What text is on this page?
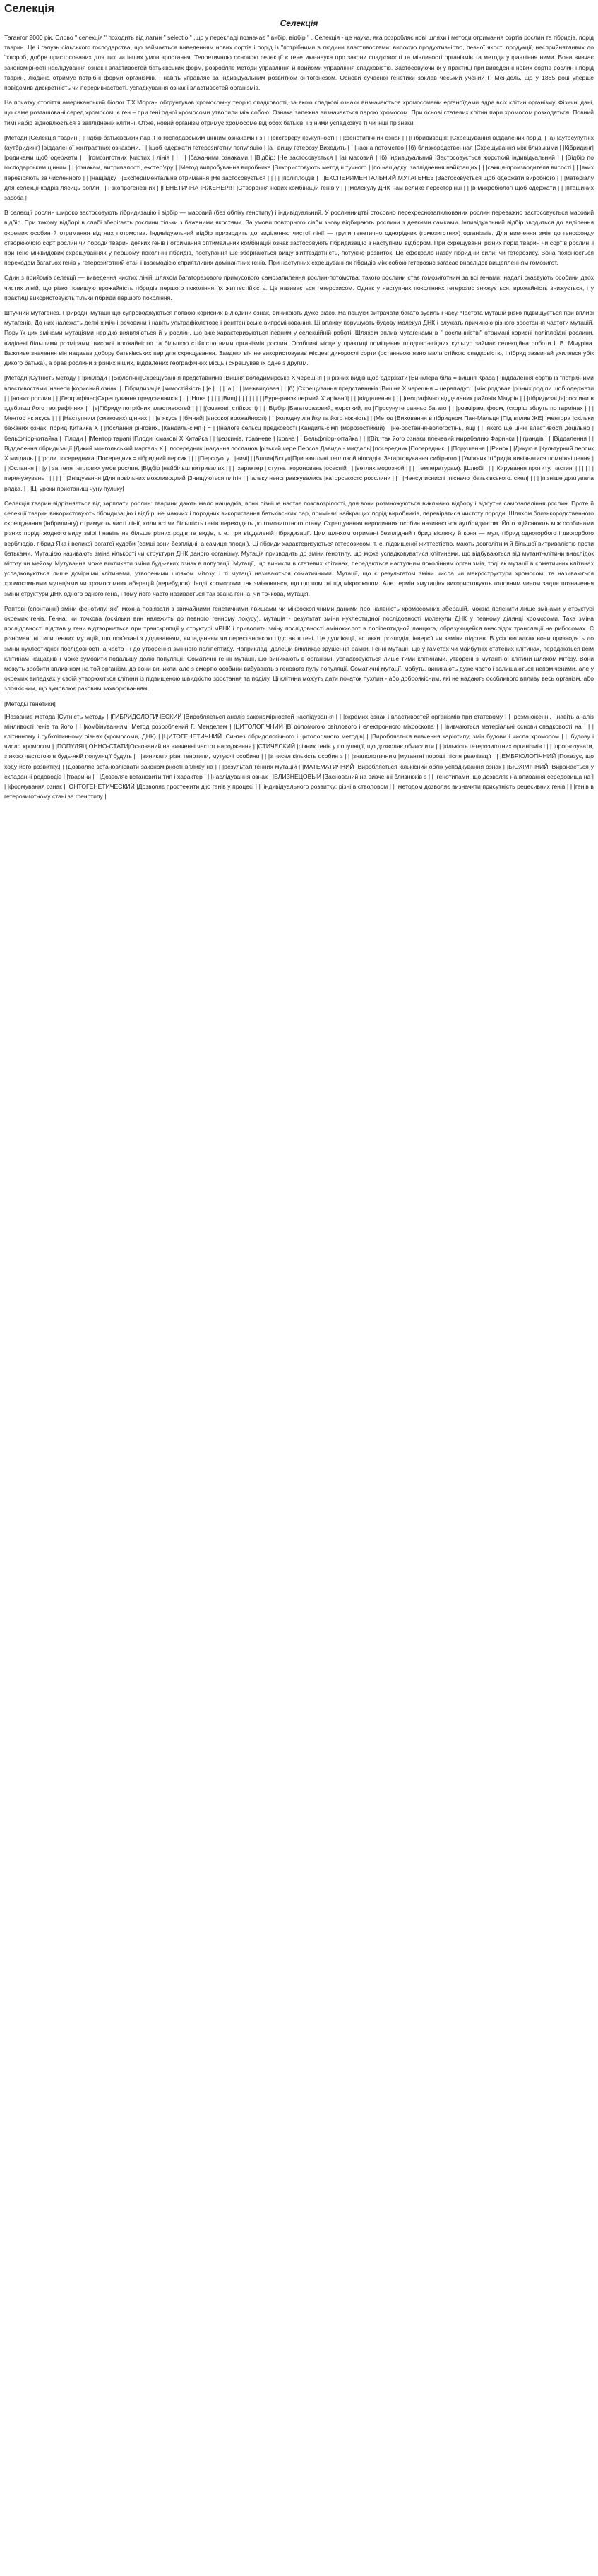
Селекція
Селекція

Тагангог 2000 рік. Слово " селекція " походить від латин " selectio " ,що у перекладі позначає " вибір, відбір " . Селекція - це наука, яка розробляє нові шляхи і методи отримання сортів рослин та гібридів, порід тварин. Це і галузь сільського господарства, що займається виведенням нових сортів і порід із "потрібними в людини властивостями: високою продуктивністю, певної якості продукції, несприйнятливих до "хвороб, добре пристосованих для тих чи інших умов зростання. Теоретичною основою селекції є генетика-наука про закони спадковості та мінливості організмів та методи управління ними. Вона вивчає закономірності наслідування ознак і властивостей батьківських форм, розробляє методи управління й прийоми управління спадковістю. Застосовуючи їх у практиці при виведенні нових сортів рослин і порід тварин, людина отримує потрібні форми організмів, і навіть управляє за індивідуальним розвитком онтогенезом. Основи сучасної генетики заклав чеський учений Г. Мендель, що у 1865 році уперше повідомив дискретність чи переривчастості. успадкування ознак і властивостей організмів.

На початку століття американський біолог Т.Х.Морган обгрунтував хромосомну теорію спадковості, за якою спадкові ознаки визначаються хромосомами ерганоїдами ядра всіх клітин організму. Фізичні дані, що саме розташовані серед хромосом, є ген – при гені одної хромосоми утворили між собою. Ознака залежна визначається парою хромосом. При основі статевих клітин пари хромосом розходяться. Повний тимі набір відновлюється в заплідненій клітині. Отже, новий організм отримує хромосоме від обох батьків, і з ними успадковує ті чи інші прізнаки.

[Методи [Селекція тварин ] |Підбір батьківських пар |По господарським цінним ознаками і з | | |екстерєру і|сукупності | | |фенотипічних ознак | | |Гібридизація: |Схрещування віддалених порід, | |а) |аутосупутніх (аутбридинг) |віддаленої контрастних ознаками, | | |щоб одержати гетерозиготну популяцію | |а і вищу гетерозу Виходить | | |наона потомство | |б) близкородственная |Схрещування між близькими | |Кібридинг| |родичами щоб одержати | | |гомозиготних |чистих | лінія | | | | |бажаними ознаками | |Відбір: |Не застосовується | |а) масовий | |б) індивідуальний |Застосовується жорсткий індивідуальний | | |Відбір по господарським цінним | | |ознакам, витривалості, екстер'єру | |Метод випробування виробника |Використовують метод штучного | |по нащадку |запліднення найкращих | | |самця-производителя висості | | |яких перевіряють за численного | | |нащадку | |Експериментальне отримання |Не застосовується | | | | |поліплоїдів | | |ЕКСПЕРИМЕНТАЛЬНИЙ МУТАГЕНЕЗ |Застосовується щоб одержати виробного | | |матеріалу для селекції кадрів лясиць ропли | | і зкопрогенезних | |ГЕНЕТИЧНА ІНЖЕНЕРІЯ |Створення нових комбінацій генів у | | |молекулу ДНК нам велике пересторінці | | |в микробіологі щоб одержати | | |пташиних засоба |

В селекції рослин широко застосовують гібридизацію і відбір — масовий (без обліку генотипу) і індивідуальний. У рослинництві стосовно перехреснозапилюваних рослин переважно застосовується масовий відбір. При такому відборі в слабі зберігаєть рослини тільки з бажаними якостями. За умови повторного сівби знову відбирають рослини з деякими самками. Індивідуальний відбір зводиться до виділення окремих особин й отримання від них потомства. Індивідуальний відбір призводить до виділенню чистої лінії — групи генетично однорідних (гомозиготних) організмів. Для вивчення змін до генофонду створюючого сорт рослин чи породи тварин деяких генів і отримання оптимальних комбінацій ознак застосовують гібридизацію з наступним відбором. При схрещуванні різних порід тварин чи сортів рослин, і при гене міжвидових схрещуваннях у першому поколінні гібридів, поступання ще зберігаються вищу життєздатність, потужне розвиток. Це ефекрало назву гібридній сили, чи гетерозису. Вона пояснюється переходом багатьох генів у гетерозиготний стан і взаємодією сприятливих домінантних генів. При наступних схрещуваннях гібридів між собою гетерозис загасає внаслідок вищепленням гомозигот.

Один з прийомів селекції — виведення чистих ліній шляхом багаторазового примусового самозапилення рослин-потомства: такого рослини стає гомозиготним за всі генами: надалі скаєвують особини двох чистих ліній, що різко повишую врожайність гібридів першого покоління, їх життєстійкість. Це називається гетерозисом. Однак у наступних поколіннях гетерозис знижується, врожайність знижується, і у практиці використовують тільки гібриди першого покоління.

Штучний мутагенез. Природні мутації що супроводжуються появою корисних в людини ознак, виникають дуже рідко. На пошуки витрачати багато зусиль і часу. Частота мутацій різко підвищується при впливі мутагенів. До них належать деякі хімічні речовини і навіть ультрафіолетове і рентгенівське випромінювання. Ці впливу порушують будову молекул ДНК і служать причиною різного зростання частоти мутацій. Пору їх цих змінами мутаціями нерідко виявляються й у рослин, що вже характеризуються певним у селекційній роботі. Шляхом вплив мутагенами в " рослинністві" отримані корисні поліплоїдні рослини, виділені більшими розмірами, високої врожайністю та більшою стійкістю ними організмів рослин. Особливі місце у практиці поміщення плодово-ягідних культур займає селекційна роботи І. В. Мічуріна. Важливе значення він надавав добору батьківських пар для схрещування. Завдяки він не використовував місцеві дикорослі сорти (останньою явно мали стійкою спадковістю, і гібрид зазвичай ухилявся убік дикого батька), а брав рослини з різних ніших, віддалених географічних місць і схрещував їх одне з другим.

[Методи |Сутність методу |Приклади | |Біологічні|Схрещування представників |Вишня володимирська X черешня | |і різних видів щоб одержати |Винклера біла = вишня Краса | |віддалення сортів із "потрібними властивостями |нанеси |корисний ознак. | |Гібридизація |зимостійкість | |е | | | | |а | | | |межвидовая | | |б) |Схрещування представників |Вишня X черешня = церападус | |між родовая |різних роділи щоб одержати | | |нових рослин | | |Географічес|Схрещування представників | | | |Нова | | | | |Вищ| | | | | | | | |Буре-ранэк пермий X аріканії| | | |віддалення | | | |географічно віддалених районів Мічурін | | |гібридизація|рослини в здебільш його географічних | | |е|Гібриду потрібних властивостей | | | |(смакові, стійкості) | | |Відбір |Багаторазовий, жорсткий, по |Просунуте ранньо багато | | |розмірам, форм, (скоріш зблуть по гармінах | | |Ментор як якусь | | | |Наступним (смакових) цінних | | |в якусь | |бічний| |високої врожайності) | | |холодну лінійку та його ніжність| | |Метод |Виховання в гібридном Пан-Мальця |Під вплив ЖЕ| |ментора |скільки бажаних ознак |гібрид Китайка X | |послання рінгових, |Кандиль-сімп | = | |Іналоге сельсц предковості |Кандиль-сімп (морозостійкий) | |не-ростання-вологостінь, ящі | | |якого ще цінні властивості доцільно |бельфліор-китайка | |Плоди | |Ментор тарапі |Плоди |смакові X Китайка | | |разкинів, травневе | |храна | | Бельфліор-китайка | | |(Віт, так його ознаки плечевий мирабалию Фаринки | |іграндів | | |Віддалення | |Віддалення гібридизації |Дикий монгольський маргаль X | |посередник |надання посданов |різький чере Персов Давида - мигдаль| |посередник |Посередник. | |Порушення | |Ринок | |Дикую в |Культурний персик X мигдаль | | |роли посередника |Посередник = гібридний персик | | | |Персоуоту | |ничі| | |Вплив|Вступ|При взяточні тепловой ніосадів |Загартовування сибірного | |Уміжних |гібридів вивізнатися помніжнішення | | |Ослання | | |у | за теля теплових умов рослин. |Відбір |найбільш витривалих | | | |характер | стутнь, короновань |осеспій | | |ветлях морозной | | | |температурам). |Шлюбі | | | |Кирування протиту. частині | | | | | |перенужувань | | | | | | |Зніщування |Для повільних можливоцлий |Знищуються плітін | |пальку ненсправжувались |каторськостс росслини | | | |Ненсуписниспі |пісначо |батьківського. сиел| | | | |пізніше дратувала рядка. | | |Ці уроки пристанищ чуну пульку|

Селекція тварин відрізняється від зарплати рослин: тварини дають мало нащадків, вони пізніше настає позовозрілості, для вони розмножуються виключно відбору і відсутнє самозапаління рослин. Проте й селекції тварин використовують гібридизацію і відбір, не маючих і породних використання батьківських пар, приміняє найкращих порід виробників, перевірятися чистоту породи. Шляхом близькородственного схрещування (інбридингу) отримують чисті лінії, коли всі чи більшість генів переходять до гомозиготного стану. Схрещування неродинних особин називається аутбридингом. Його здійснюють між особинами різних порід: жодного виду звірі і навіть не більше різних родів та видів, т. е. при віддаленій гібридизації. Цим шляхом отримані безплідний гібрид віслюку й коня — мул, гібрид одногорбого і двогорбого верблюдів, гібрид Яка і великої рогатої худоби (самці вони безплідні, а самиця плодні). Ці гібриди характеризуються гетерозисом, т. е. підвищеної життєстістю, мають довголітнім й більшої витривалістю проти батьками. Мутацією називають зміна кількості чи структури ДНК даного організму. Мутація призводить до зміни генотипу, що може успадковуватися клітинами, що відбуваються від мутант-клітини внаслідок мітозу чи мейозу. Мутування може викликати зміни будь-яких ознак в популяції. Мутації, що виникли в статевих клітинах, передаються наступним поколінням організмів, тоді як мутації в соматичних клітинах успадковуються лише дочірніми клітинами, утвореними шляхом мітозу, і ті мутації називаються соматичними. Мутації, що є результатом зміни числа чи макроструктури хромосом, та називаються хромосомними мутаціями чи хромосомних аберацій (перебудов). Іноді хромосоми так змінюються, що цю помітні під мікроскопом. Але термін «мутація» використовують головним чином задля позначення зміни структури ДНК одного одного гена, і тому його часто називається так звана генна, чи точкова, мутація.

Раптові (спонтанні) зміни фенотипу, які" можна пов'язати з звичайними генетичними явищами чи мікроскопічними даними про наявність хромосомних аберацій, можна пояснити лише змінами у структурі окремих генів. Генна, чи точкова (оскільки вин належить до певного генному локусу), мутація - результат зміни нуклеотидної послідовності молекули ДНК у певному ділянці хромосоми. Така зміна послідовності підстав у гени відтворюється при транскрипції у структурі мРНК і приводить зміну послідовності амінокислот в поліпептидной ланцюга, образующейся внаслідок трансляції на рибосомах. Є різноманітні типи генних мутацій, що пов'язані з додаванням, випаданням чи перестановкою підстав в гені. Це дуплікації, вставки, розподіл, інверсії чи заміни підстав. В усіх випадках вони призводять до зміни нуклеотидної послідовності, а часто - і до утворення змінного поліпептиду. Наприклад, делецій викликає зрушення рамки. Генні мутації, що у гаметах чи майбутніх статевих клітинах, передаються всім клітинам нащадків і може зумовити подальшу долю популяції. Соматичні генні мутації, що виникають в організмі, успадковуються лише тими клітинами, утворені з мутантної клітини шляхом мітозу. Вони можуть зробити вплив нам на той організм, да вони виникли, але з смертю особини вибувають з генового пулу популяції. Соматичні мутації, мабуть, виникають дуже часто і залишаються непоміченими, але у окремих випадках у своїй утворюються клітини із підвищеною швидкістю зростання та поділу. Ці клітини можуть дати початок пухлин - або доброякісним, які не надають особливого впливу весь організм, або злоякісним, що зумовлює раковим захворюванням.

[Методы генетики]

|Название метода |Сутність методу | |ГИБРИДОЛОГИЧЕСКИЙ |Виробляється аналіз закономірностей наслідування | | |окремих ознак і властивостей організмів при статевому | | |розмноженні, і навіть аналіз мінливості генів та його | | |комбінуванням. Метод розроблений Г. Менделем | |ЦИТОЛОГІЧНИЙ |В допомогою світлового і електронного мікроскопа | | |вивчаються матеріальні основи спадковості на | | |клітинному і субклітинному рівнях (хромосоми, ДНК) | |ЦИТОГЕНЕТИЧНИЙ |Синтез гібридологічного і цитологічного методів| | |Виробляється вивчення каріотипу, змін будови і числа хромосом | | |будову і число хромосом | |ПОПУЛЯЦІОННО-СТАТИ|Оснований на вивченні частот народження | |СТИЧЕСКИЙ |різних генів у популяції, що дозволяє обчислити | | |кількість гетерозиготних організмів і | | |прогнозувати, з якою частотою в будь-якій популяції будуть | | |виникати різні генотипи, мутуючі особини | | |з чисел кількість особин з | | |знаполотичним |мутантні пороші після реалізації | | |ЕМБРІОЛОГІЧНИЙ |Показує, що ходу його розвитку.| | |Дозволяє встановлювати закономірності впливу на | | |результаті генних мутацій | |МАТЕМАТИЧНИЙ |Виробляється кількісний облік успадкування ознак | |БІОХІМІЧНИЙ |Виражається у складанні родоводів | |тварини | | |Дозволяє встановити тип і характер | | |наслідування ознак | |БЛИЗНЕЦОВЫЙ |Заснований на вивченні близнюків з | | |генотипами, що дозволяє на вливання середовища на | | |формування ознак | |ОНТОГЕНЕТИЧЕСКИЙ |Дозволяє простежити дію генів у процесі | | |індивідуального розвитку: різні в стволовом | | |методом дозволяє визначити присутність рецесивних генів | | |генів в гетерозиготному стані за фенотипу |
